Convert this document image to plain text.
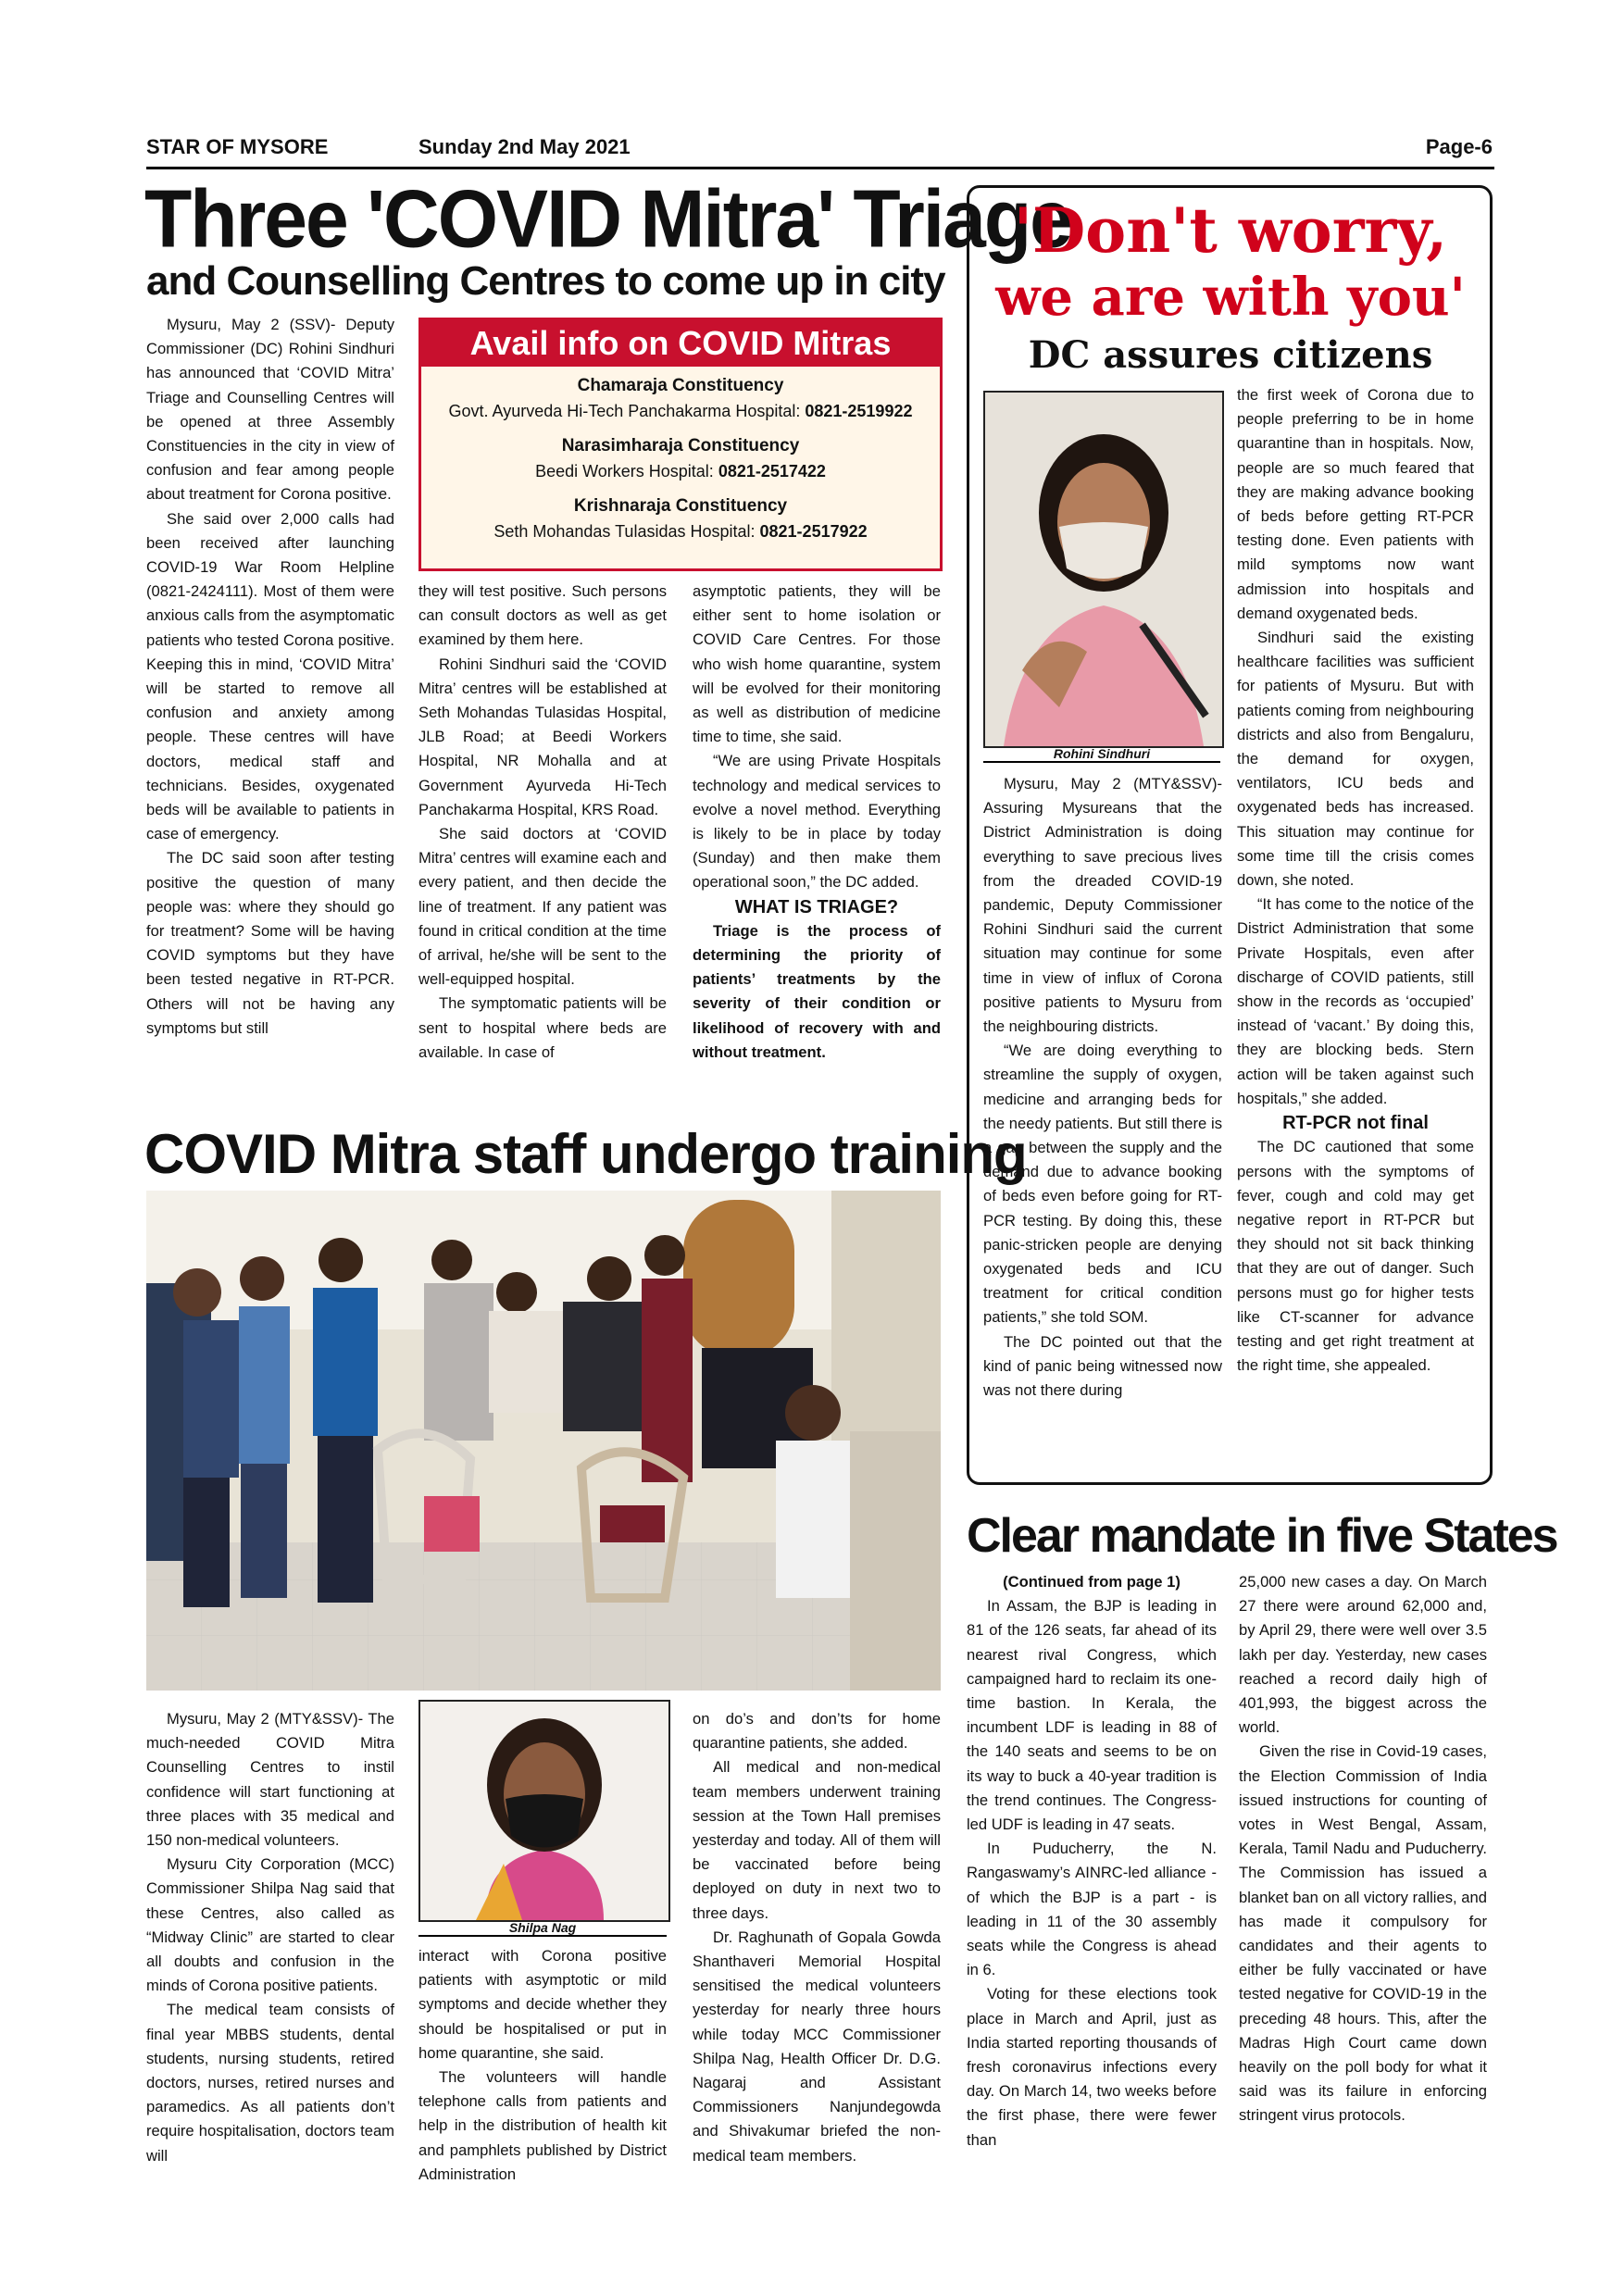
STAR OF MYSORE	Sunday 2nd May 2021	Page-6
Three 'COVID Mitra' Triage
and Counselling Centres to come up in city

Mysuru, May 2 (SSV)- Deputy Commissioner (DC) Rohini Sindhuri has announced that ‘COVID Mitra’ Triage and Counselling Centres will be opened at three Assembly Constituencies in the city in view of confusion and fear among people about treatment for Corona positive.

She said over 2,000 calls had been received after launching COVID-19 War Room Helpline (0821-2424111). Most of them were anxious calls from the asymptomatic patients who tested Corona positive. Keeping this in mind, ‘COVID Mitra’ will be started to remove all confusion and anxiety among people. These centres will have doctors, medical staff and technicians. Besides, oxygenated beds will be available to patients in case of emergency.

The DC said soon after testing positive the question of many people was: where they should go for treatment? Some will be having COVID symptoms but they have been tested negative in RT-PCR. Others will not be having any symptoms but still

Avail info on COVID Mitras
Chamaraja Constituency
Govt. Ayurveda Hi-Tech Panchakarma Hospital: 0821-2519922
Narasimharaja Constituency
Beedi Workers Hospital: 0821-2517422
Krishnaraja Constituency
Seth Mohandas Tulasidas Hospital: 0821-2517922

they will test positive. Such persons can consult doctors as well as get examined by them here.

Rohini Sindhuri said the ‘COVID Mitra’ centres will be established at Seth Mohandas Tulasidas Hospital, JLB Road; at Beedi Workers Hospital, NR Mohalla and at Government Ayurveda Hi-Tech Panchakarma Hospital, KRS Road.

She said doctors at ‘COVID Mitra’ centres will examine each and every patient, and then decide the line of treatment. If any patient was found in critical condition at the time of arrival, he/she will be sent to the well-equipped hospital.

The symptomatic patients will be sent to hospital where beds are available. In case of

asymptotic patients, they will be either sent to home isolation or COVID Care Centres. For those who wish home quarantine, system will be evolved for their monitoring as well as distribution of medicine time to time, she said.

“We are using Private Hospitals technology and medical services to evolve a novel method. Everything is likely to be in place by today (Sunday) and then make them operational soon,” the DC added.

WHAT IS TRIAGE?

Triage is the process of determining the priority of patients’ treatments by the severity of their condition or likelihood of recovery with and without treatment.

COVID Mitra staff undergo training

Mysuru, May 2 (MTY&SSV)- The much-needed COVID Mitra Counselling Centres to instil confidence will start functioning at three places with 35 medical and 150 non-medical volunteers.

Mysuru City Corporation (MCC) Commissioner Shilpa Nag said that these Centres, also called as “Midway Clinic” are started to clear all doubts and confusion in the minds of Corona positive patients.

The medical team consists of final year MBBS students, dental students, nursing students, retired doctors, nurses, retired nurses and paramedics. As all patients don’t require hospitalisation, doctors team will

Shilpa Nag

interact with Corona positive patients with asymptotic or mild symptoms and decide whether they should be hospitalised or put in home quarantine, she said.

The volunteers will handle telephone calls from patients and help in the distribution of health kit and pamphlets published by District Administration

on do’s and don’ts for home quarantine patients, she added.

All medical and non-medical team members underwent training session at the Town Hall premises yesterday and today. All of them will be vaccinated before being deployed on duty in next two to three days.

Dr. Raghunath of Gopala Gowda Shanthaveri Memorial Hospital sensitised the medical volunteers yesterday for nearly three hours while today MCC Commissioner Shilpa Nag, Health Officer Dr. D.G. Nagaraj and Assistant Commissioners Nanjundegowda and Shivakumar briefed the non-medical team members.

'Don't worry,
we are with you'
DC assures citizens
Rohini Sindhuri

Mysuru, May 2 (MTY&SSV)- Assuring Mysureans that the District Administration is doing everything to save precious lives from the dreaded COVID-19 pandemic, Deputy Commissioner Rohini Sindhuri said the current situation may continue for some time in view of influx of Corona positive patients to Mysuru from the neighbouring districts.

“We are doing everything to streamline the supply of oxygen, medicine and arranging beds for the needy patients. But still there is a gap between the supply and the demand due to advance booking of beds even before going for RT-PCR testing. By doing this, these panic-stricken people are denying oxygenated beds and ICU treatment for critical condition patients,” she told SOM.

The DC pointed out that the kind of panic being witnessed now was not there during

the first week of Corona due to people preferring to be in home quarantine than in hospitals. Now, people are so much feared that they are making advance booking of beds before getting RT-PCR testing done. Even patients with mild symptoms now want admission into hospitals and demand oxygenated beds.

Sindhuri said the existing healthcare facilities was sufficient for patients of Mysuru. But with patients coming from neighbouring districts and also from Bengaluru, the demand for oxygen, ventilators, ICU beds and oxygenated beds has increased. This situation may continue for some time till the crisis comes down, she noted.

“It has come to the notice of the District Administration that some Private Hospitals, even after discharge of COVID patients, still show in the records as ‘occupied’ instead of ‘vacant.’ By doing this, they are blocking beds. Stern action will be taken against such hospitals,” she added.

RT-PCR not final

The DC cautioned that some persons with the symptoms of fever, cough and cold may get negative report in RT-PCR but they should not sit back thinking that they are out of danger. Such persons must go for higher tests like CT-scanner for advance testing and get right treatment at the right time, she appealed.

Clear mandate in five States

(Continued from page 1)

In Assam, the BJP is leading in 81 of the 126 seats, far ahead of its nearest rival Congress, which campaigned hard to reclaim its one-time bastion. In Kerala, the incumbent LDF is leading in 88 of the 140 seats and seems to be on its way to buck a 40-year tradition is the trend continues. The Congress-led UDF is leading in 47 seats.

In Puducherry, the N. Rangaswamy’s AINRC-led alliance - of which the BJP is a part - is leading in 11 of the 30 assembly seats while the Congress is ahead in 6.

Voting for these elections took place in March and April, just as India started reporting thousands of fresh coronavirus infections every day. On March 14, two weeks before the first phase, there were fewer than

25,000 new cases a day. On March 27 there were around 62,000 and, by April 29, there were well over 3.5 lakh per day. Yesterday, new cases reached a record daily high of 401,993, the biggest across the world.

Given the rise in Covid-19 cases, the Election Commission of India issued instructions for counting of votes in West Bengal, Assam, Kerala, Tamil Nadu and Puducherry. The Commission has issued a blanket ban on all victory rallies, and has made it compulsory for candidates and their agents to either be fully vaccinated or have tested negative for COVID-19 in the preceding 48 hours. This, after the Madras High Court came down heavily on the poll body for what it said was its failure in enforcing stringent virus protocols.
